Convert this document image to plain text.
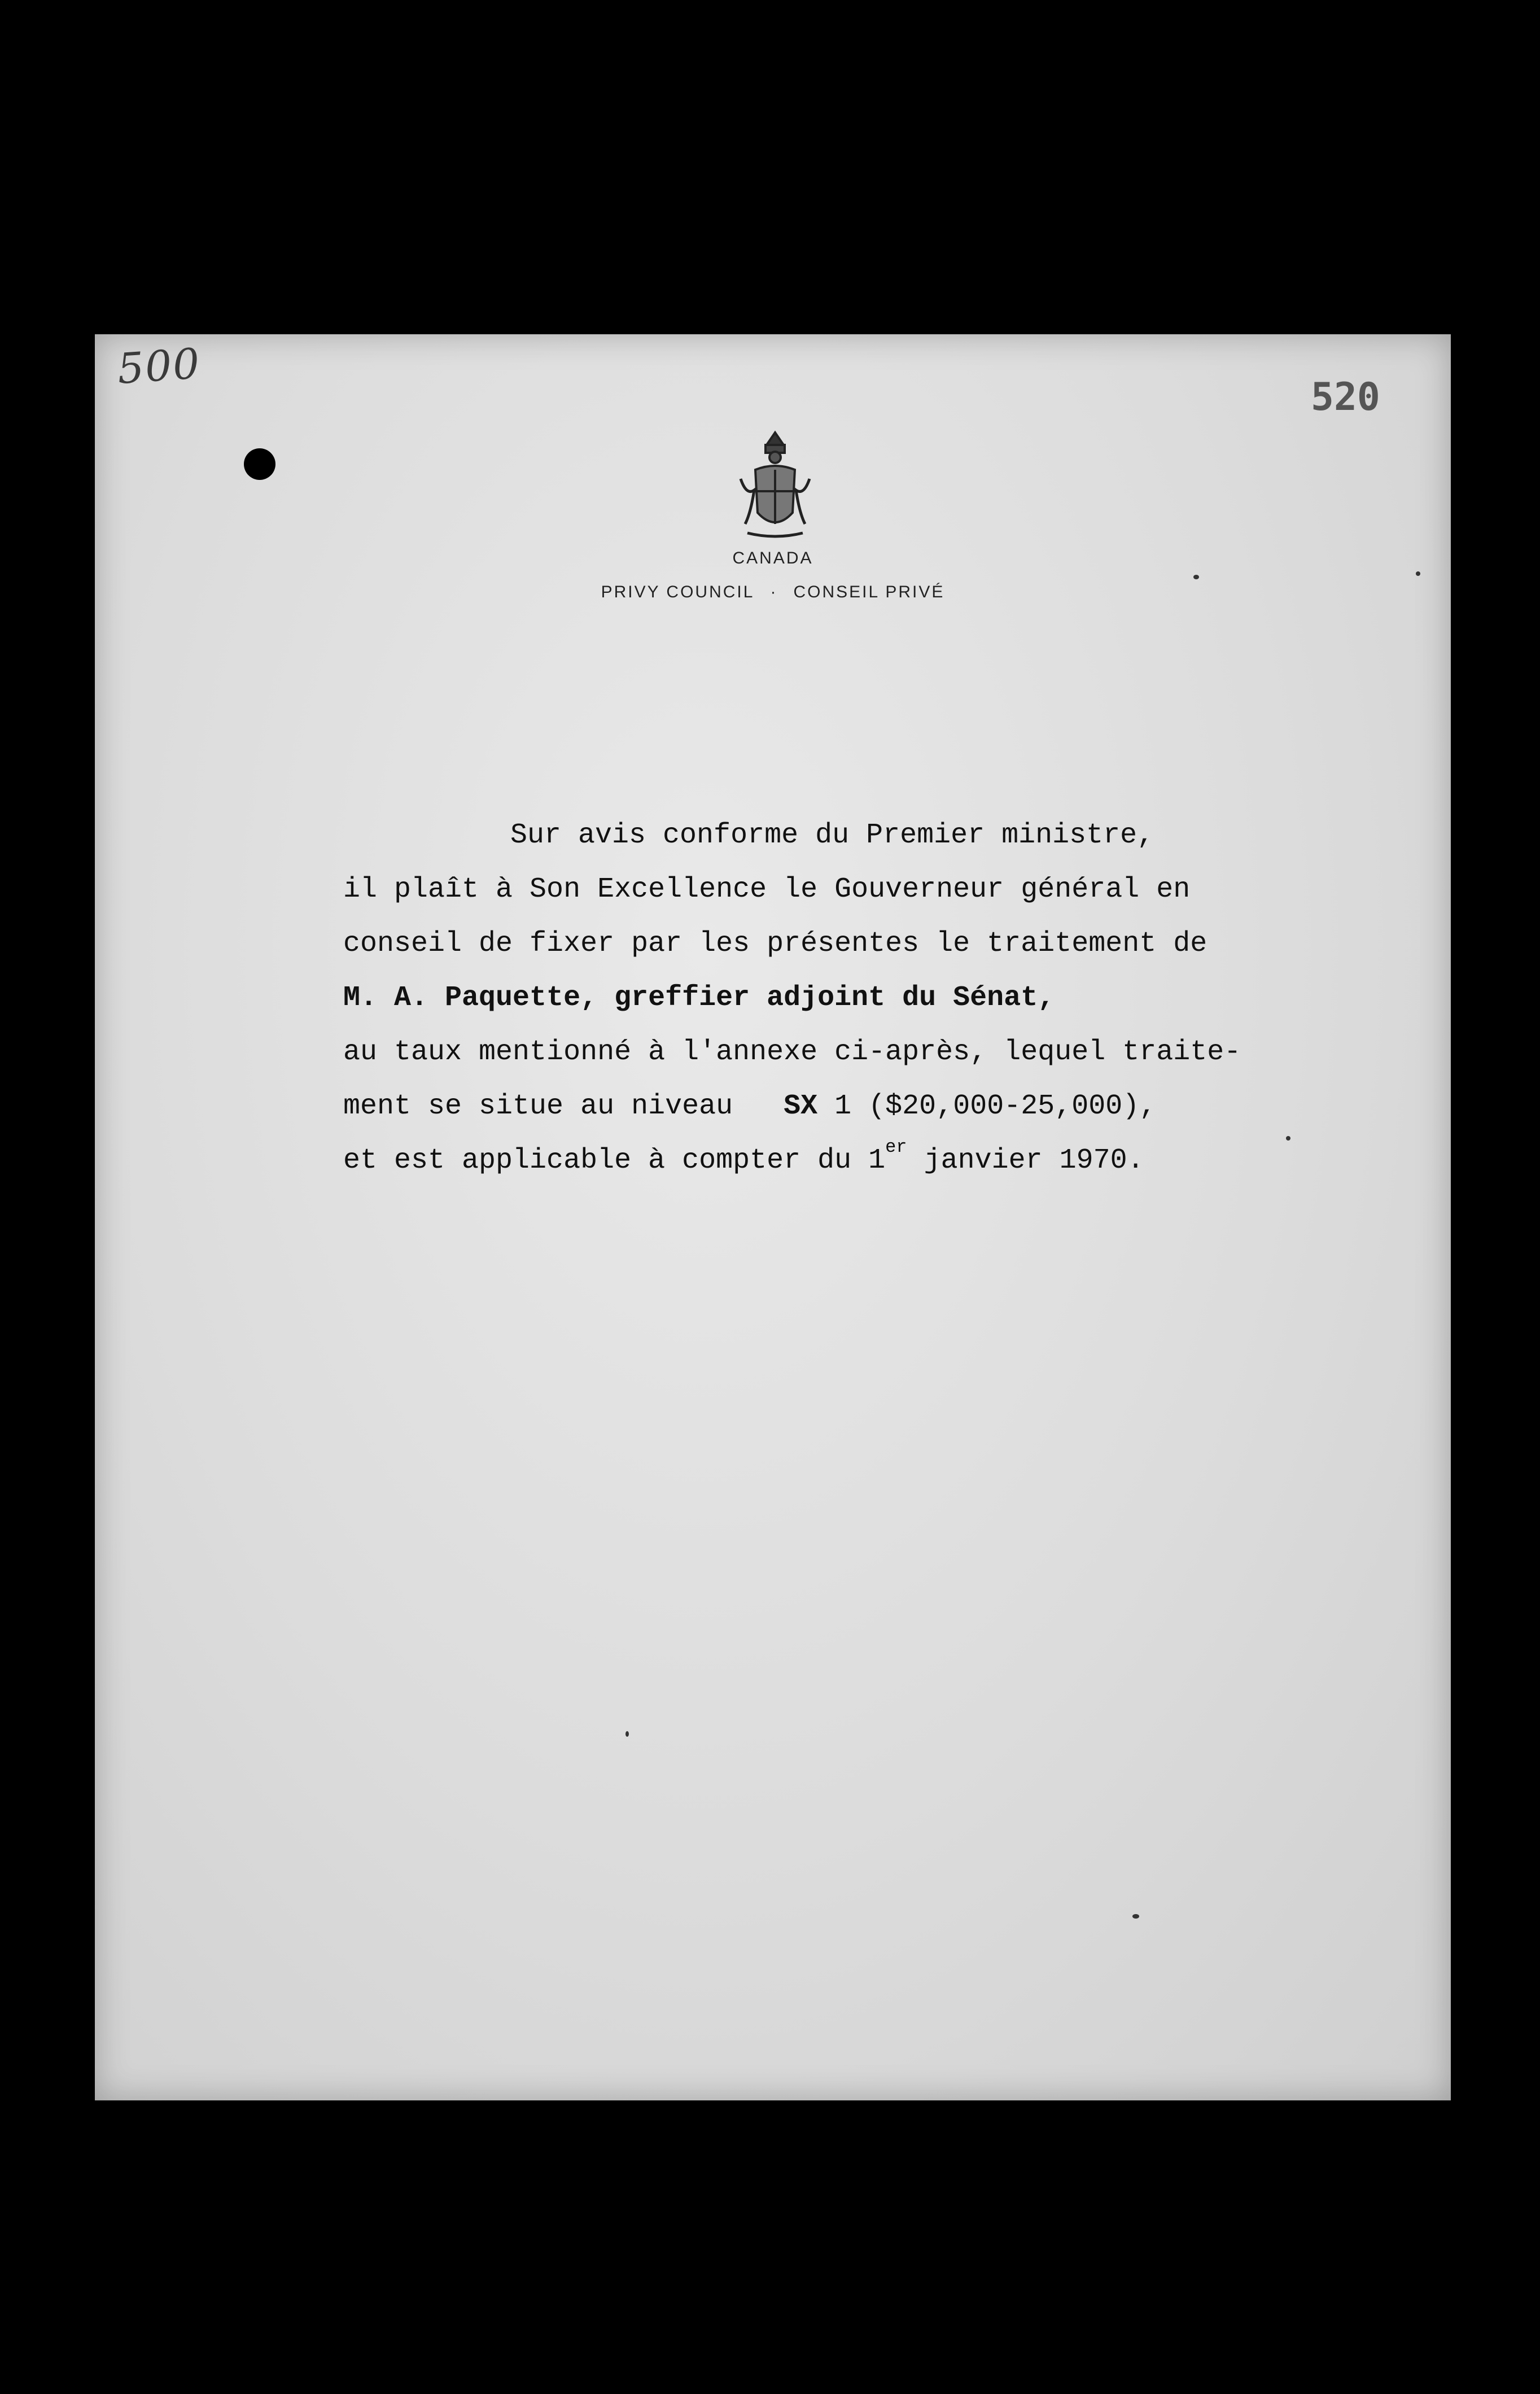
500
520
CANADA
PRIVY COUNCIL · CONSEIL PRIVÉ
Sur avis conforme du Premier ministre,
il plaît à Son Excellence le Gouverneur général en
conseil de fixer par les présentes le traitement de
M. A. Paquette, greffier adjoint du Sénat,
au taux mentionné à l'annexe ci-après, lequel traite-
ment se situe au niveau   SX 1 ($20,000-25,000),
et est applicable à compter du 1er janvier 1970.
